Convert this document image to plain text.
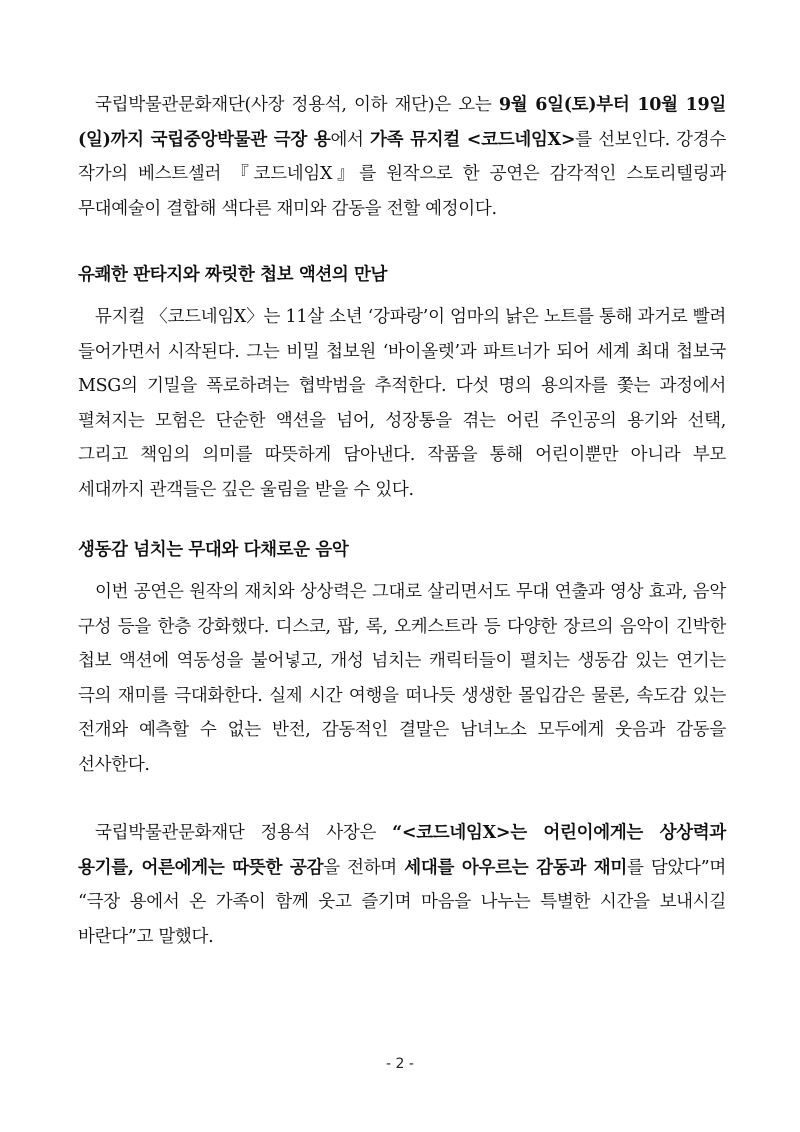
국립박물관문화재단(사장 정용석, 이하 재단)은 오는 9월 6일(토)부터 10월 19일(일)까지 국립중앙박물관 극장 용에서 가족 뮤지컬 <코드네임X>를 선보인다. 강경수 작가의 베스트셀러 『코드네임X』를 원작으로 한 공연은 감각적인 스토리텔링과 무대예술이 결합해 색다른 재미와 감동을 전할 예정이다.

유쾌한 판타지와 짜릿한 첩보 액션의 만남

뮤지컬 〈코드네임X〉는 11살 소년 ‘강파랑’이 엄마의 낡은 노트를 통해 과거로 빨려 들어가면서 시작된다. 그는 비밀 첩보원 ‘바이올렛’과 파트너가 되어 세계 최대 첩보국 MSG의 기밀을 폭로하려는 협박범을 추적한다. 다섯 명의 용의자를 쫓는 과정에서 펼쳐지는 모험은 단순한 액션을 넘어, 성장통을 겪는 어린 주인공의 용기와 선택, 그리고 책임의 의미를 따뜻하게 담아낸다. 작품을 통해 어린이뿐만 아니라 부모 세대까지 관객들은 깊은 울림을 받을 수 있다.

생동감 넘치는 무대와 다채로운 음악

이번 공연은 원작의 재치와 상상력은 그대로 살리면서도 무대 연출과 영상 효과, 음악 구성 등을 한층 강화했다. 디스코, 팝, 록, 오케스트라 등 다양한 장르의 음악이 긴박한 첩보 액션에 역동성을 불어넣고, 개성 넘치는 캐릭터들이 펼치는 생동감 있는 연기는 극의 재미를 극대화한다. 실제 시간 여행을 떠나듯 생생한 몰입감은 물론, 속도감 있는 전개와 예측할 수 없는 반전, 감동적인 결말은 남녀노소 모두에게 웃음과 감동을 선사한다.

국립박물관문화재단 정용석 사장은 “<코드네임X>는 어린이에게는 상상력과 용기를, 어른에게는 따뜻한 공감을 전하며 세대를 아우르는 감동과 재미를 담았다”며 “극장 용에서 온 가족이 함께 웃고 즐기며 마음을 나누는 특별한 시간을 보내시길 바란다”고 말했다.

- 2 -
